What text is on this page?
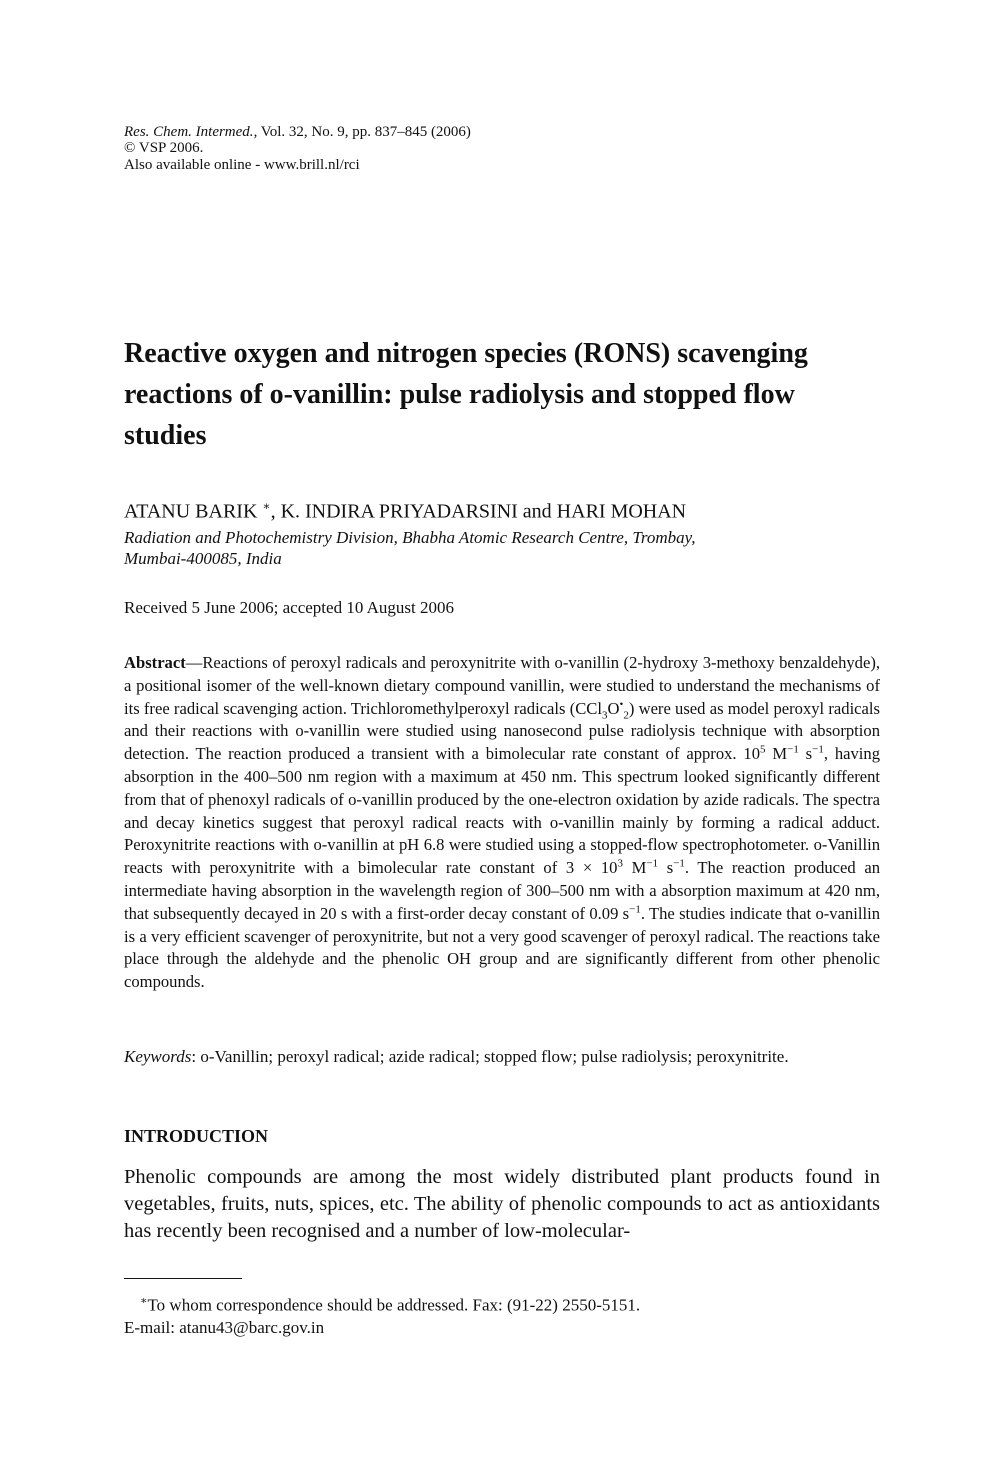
Res. Chem. Intermed., Vol. 32, No. 9, pp. 837–845 (2006)
© VSP 2006.
Also available online - www.brill.nl/rci
Reactive oxygen and nitrogen species (RONS) scavenging reactions of o-vanillin: pulse radiolysis and stopped flow studies
ATANU BARIK ∗, K. INDIRA PRIYADARSINI and HARI MOHAN
Radiation and Photochemistry Division, Bhabha Atomic Research Centre, Trombay,
Mumbai-400085, India
Received 5 June 2006; accepted 10 August 2006

Abstract—Reactions of peroxyl radicals and peroxynitrite with o-vanillin (2-hydroxy 3-methoxy benzaldehyde), a positional isomer of the well-known dietary compound vanillin, were studied to understand the mechanisms of its free radical scavenging action. Trichloromethylperoxyl radicals $(CCl_3O^•_2)$ were used as model peroxyl radicals and their reactions with o-vanillin were studied using nanosecond pulse radiolysis technique with absorption detection. The reaction produced a transient with a bimolecular rate constant of approx. $10^5$ $M^{-1}$ $s^{-1}$, having absorption in the 400–500 nm region with a maximum at 450 nm. This spectrum looked significantly different from that of phenoxyl radicals of o-vanillin produced by the one-electron oxidation by azide radicals. The spectra and decay kinetics suggest that peroxyl radical reacts with o-vanillin mainly by forming a radical adduct. Peroxynitrite reactions with o-vanillin at pH 6.8 were studied using a stopped-flow spectrophotometer. o-Vanillin reacts with peroxynitrite with a bimolecular rate constant of $3 \times 10^3$ $M^{-1}$ $s^{-1}$. The reaction produced an intermediate having absorption in the wavelength region of 300–500 nm with a absorption maximum at 420 nm, that subsequently decayed in 20 s with a first-order decay constant of 0.09 $s^{-1}$. The studies indicate that o-vanillin is a very efficient scavenger of peroxynitrite, but not a very good scavenger of peroxyl radical. The reactions take place through the aldehyde and the phenolic OH group and are significantly different from other phenolic compounds.

Keywords: o-Vanillin; peroxyl radical; azide radical; stopped flow; pulse radiolysis; peroxynitrite.
INTRODUCTION

Phenolic compounds are among the most widely distributed plant products found in vegetables, fruits, nuts, spices, etc. The ability of phenolic compounds to act as antioxidants has recently been recognised and a number of low-molecular-

∗To whom correspondence should be addressed. Fax: (91-22) 2550-5151.
E-mail: atanu43@barc.gov.in
